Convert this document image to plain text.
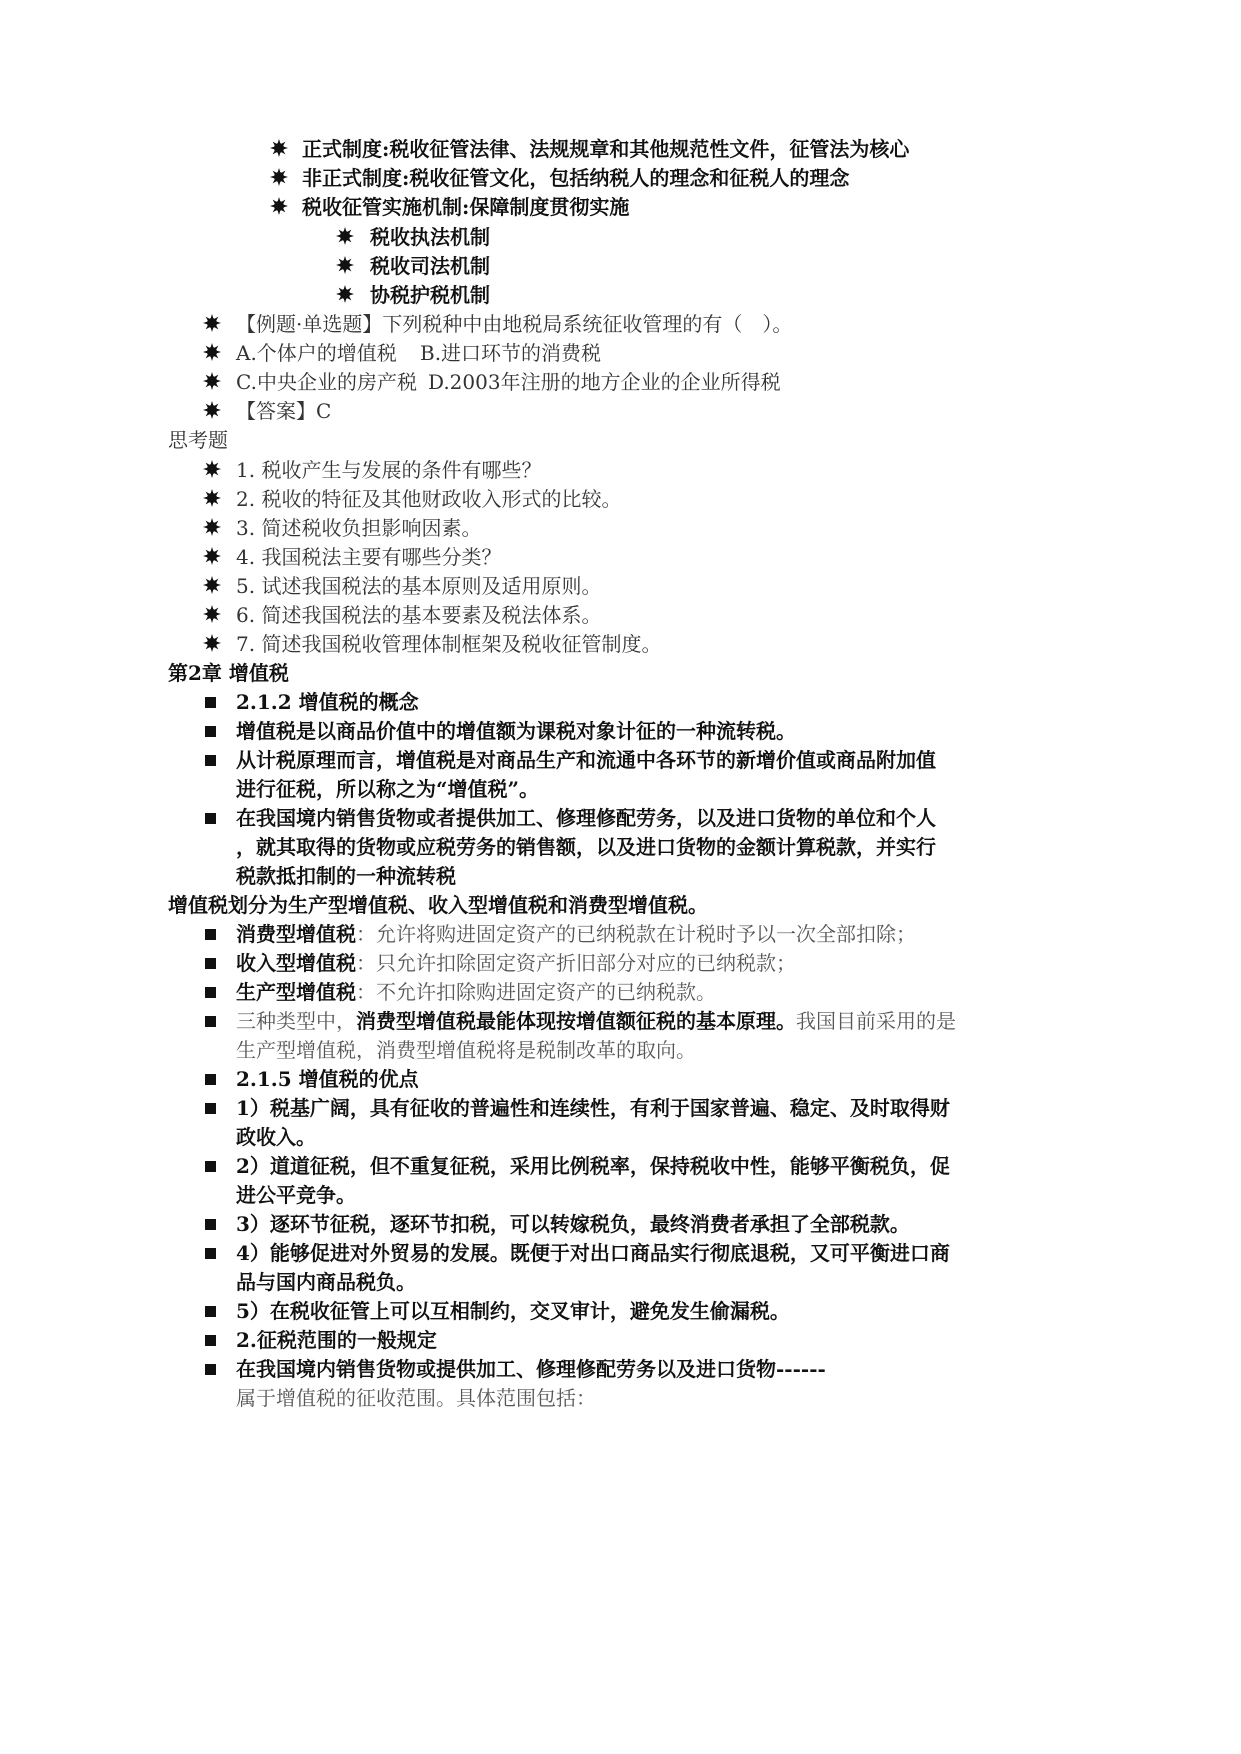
正式制度:税收征管法律、法规规章和其他规范性文件，征管法为核心
非正式制度:税收征管文化，包括纳税人的理念和征税人的理念
税收征管实施机制:保障制度贯彻实施
税收执法机制
税收司法机制
协税护税机制
【例题·单选题】下列税种中由地税局系统征收管理的有（　）。
A.个体户的增值税 B.进口环节的消费税
C.中央企业的房产税 D.2003年注册的地方企业的企业所得税
【答案】C
思考题
1. 税收产生与发展的条件有哪些？
2. 税收的特征及其他财政收入形式的比较。
3. 简述税收负担影响因素。
4. 我国税法主要有哪些分类？
5. 试述我国税法的基本原则及适用原则。
6. 简述我国税法的基本要素及税法体系。
7. 简述我国税收管理体制框架及税收征管制度。
第2章 增值税
2.1.2 增值税的概念
增值税是以商品价值中的增值额为课税对象计征的一种流转税。
从计税原理而言，增值税是对商品生产和流通中各环节的新增价值或商品附加值
进行征税，所以称之为“增值税”。
在我国境内销售货物或者提供加工、修理修配劳务，以及进口货物的单位和个人
，就其取得的货物或应税劳务的销售额，以及进口货物的金额计算税款，并实行
税款抵扣制的一种流转税
增值税划分为生产型增值税、收入型增值税和消费型增值税。
消费型增值税：允许将购进固定资产的已纳税款在计税时予以一次全部扣除；
收入型增值税：只允许扣除固定资产折旧部分对应的已纳税款；
生产型增值税：不允许扣除购进固定资产的已纳税款。
三种类型中，消费型增值税最能体现按增值额征税的基本原理。我国目前采用的是
生产型增值税，消费型增值税将是税制改革的取向。
2.1.5 增值税的优点
1）税基广阔，具有征收的普遍性和连续性，有利于国家普遍、稳定、及时取得财
政收入。
2）道道征税，但不重复征税，采用比例税率，保持税收中性，能够平衡税负，促
进公平竞争。
3）逐环节征税，逐环节扣税，可以转嫁税负，最终消费者承担了全部税款。
4）能够促进对外贸易的发展。既便于对出口商品实行彻底退税，又可平衡进口商
品与国内商品税负。
5）在税收征管上可以互相制约，交叉审计，避免发生偷漏税。
2.征税范围的一般规定
在我国境内销售货物或提供加工、修理修配劳务以及进口货物------
属于增值税的征收范围。具体范围包括：
